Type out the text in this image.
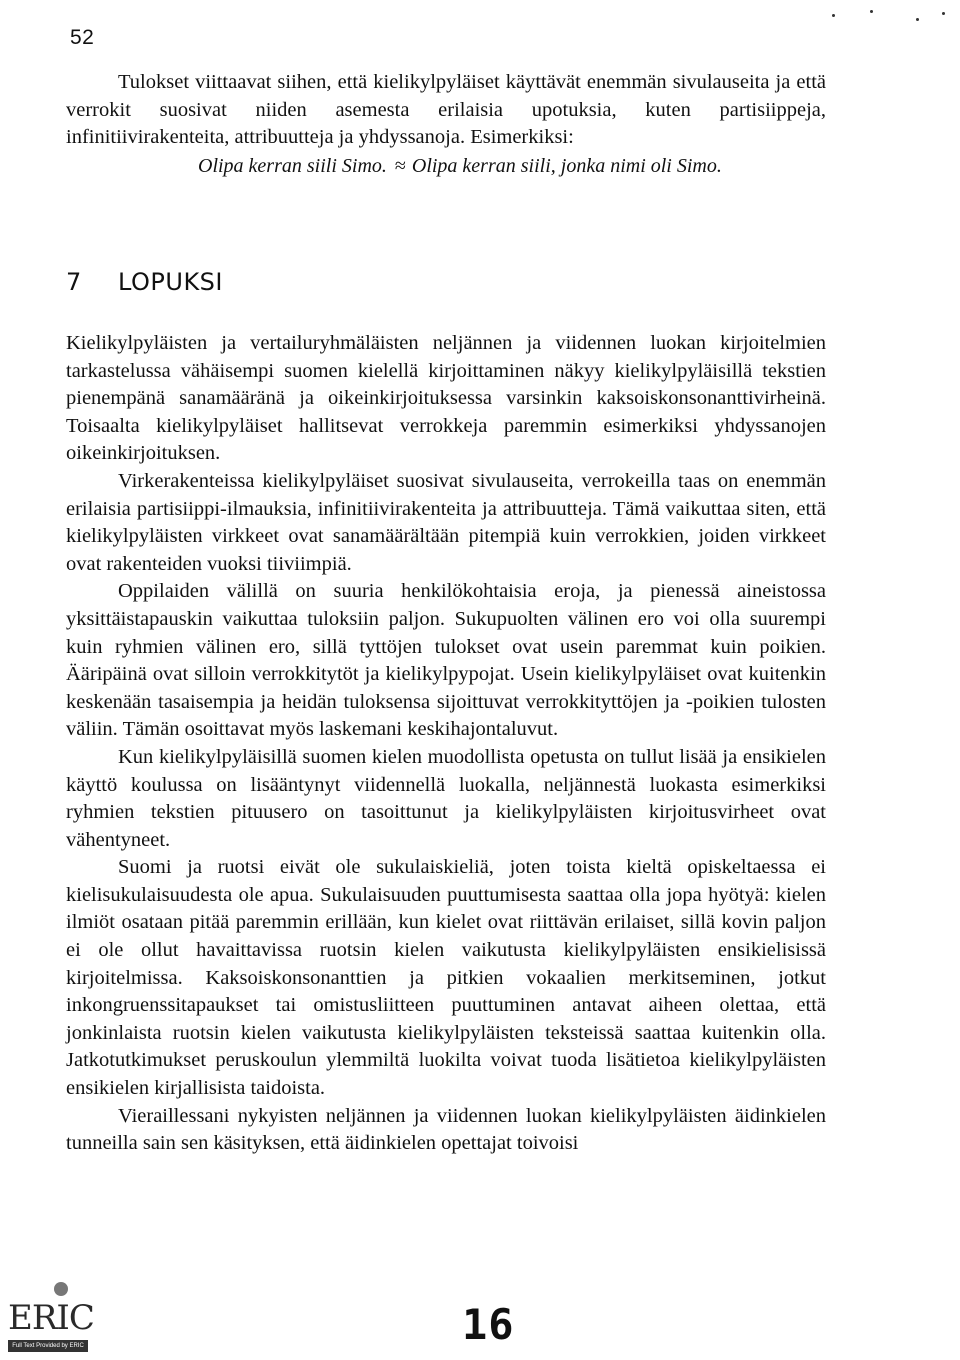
52

Tulokset viittaavat siihen, että kielikylpyläiset käyttävät enemmän sivulauseita ja että verrokit suosivat niiden asemesta erilaisia upotuksia, kuten partisiippeja, infinitiivirakenteita, attribuutteja ja yhdyssanoja. Esimerkiksi:

Olipa kerran siili Simo. ≈ Olipa kerran siili, jonka nimi oli Simo.

7 LOPUKSI

Kielikylpyläisten ja vertailuryhmäläisten neljännen ja viidennen luokan kirjoitelmien tarkastelussa vähäisempi suomen kielellä kirjoittaminen näkyy kielikylpyläisillä tekstien pienempänä sanamääränä ja oikeinkirjoituksessa varsinkin kaksoiskonsonanttivirheinä. Toisaalta kielikylpyläiset hallitsevat verrokkeja paremmin esimerkiksi yhdyssanojen oikeinkirjoituksen.

Virkerakenteissa kielikylpyläiset suosivat sivulauseita, verrokeilla taas on enemmän erilaisia partisiippi-ilmauksia, infinitiivirakenteita ja attribuutteja. Tämä vaikuttaa siten, että kielikylpyläisten virkkeet ovat sanamäärältään pitempiä kuin verrokkien, joiden virkkeet ovat rakenteiden vuoksi tiiviimpiä.

Oppilaiden välillä on suuria henkilökohtaisia eroja, ja pienessä aineistossa yksittäistapauskin vaikuttaa tuloksiin paljon. Sukupuolten välinen ero voi olla suurempi kuin ryhmien välinen ero, sillä tyttöjen tulokset ovat usein paremmat kuin poikien. Ääripäinä ovat silloin verrokkitytöt ja kielikylpypojat. Usein kielikylpyläiset ovat kuitenkin keskenään tasaisempia ja heidän tuloksensa sijoittuvat verrokkityttöjen ja -poikien tulosten väliin. Tämän osoittavat myös laskemani keskihajontaluvut.

Kun kielikylpyläisillä suomen kielen muodollista opetusta on tullut lisää ja ensikielen käyttö koulussa on lisääntynyt viidennellä luokalla, neljännestä luokasta esimerkiksi ryhmien tekstien pituusero on tasoittunut ja kielikylpyläisten kirjoitusvirheet ovat vähentyneet.

Suomi ja ruotsi eivät ole sukulaiskieliä, joten toista kieltä opiskeltaessa ei kielisukulaisuudesta ole apua. Sukulaisuuden puuttumisesta saattaa olla jopa hyötyä: kielen ilmiöt osataan pitää paremmin erillään, kun kielet ovat riittävän erilaiset, sillä kovin paljon ei ole ollut havaittavissa ruotsin kielen vaikutusta kielikylpyläisten ensikielisissä kirjoitelmissa. Kaksoiskonsonanttien ja pitkien vokaalien merkitseminen, jotkut inkongruenssitapaukset tai omistusliitteen puuttuminen antavat aiheen olettaa, että jonkinlaista ruotsin kielen vaikutusta kielikylpyläisten teksteissä saattaa kuitenkin olla. Jatkotutkimukset peruskoulun ylemmiltä luokilta voivat tuoda lisätietoa kielikylpyläisten ensikielen kirjallisista taidoista.

Vieraillessani nykyisten neljännen ja viidennen luokan kielikylpyläisten äidinkielen tunneilla sain sen käsityksen, että äidinkielen opettajat toivoisi

ERIC
Full Text Provided by ERIC	16
